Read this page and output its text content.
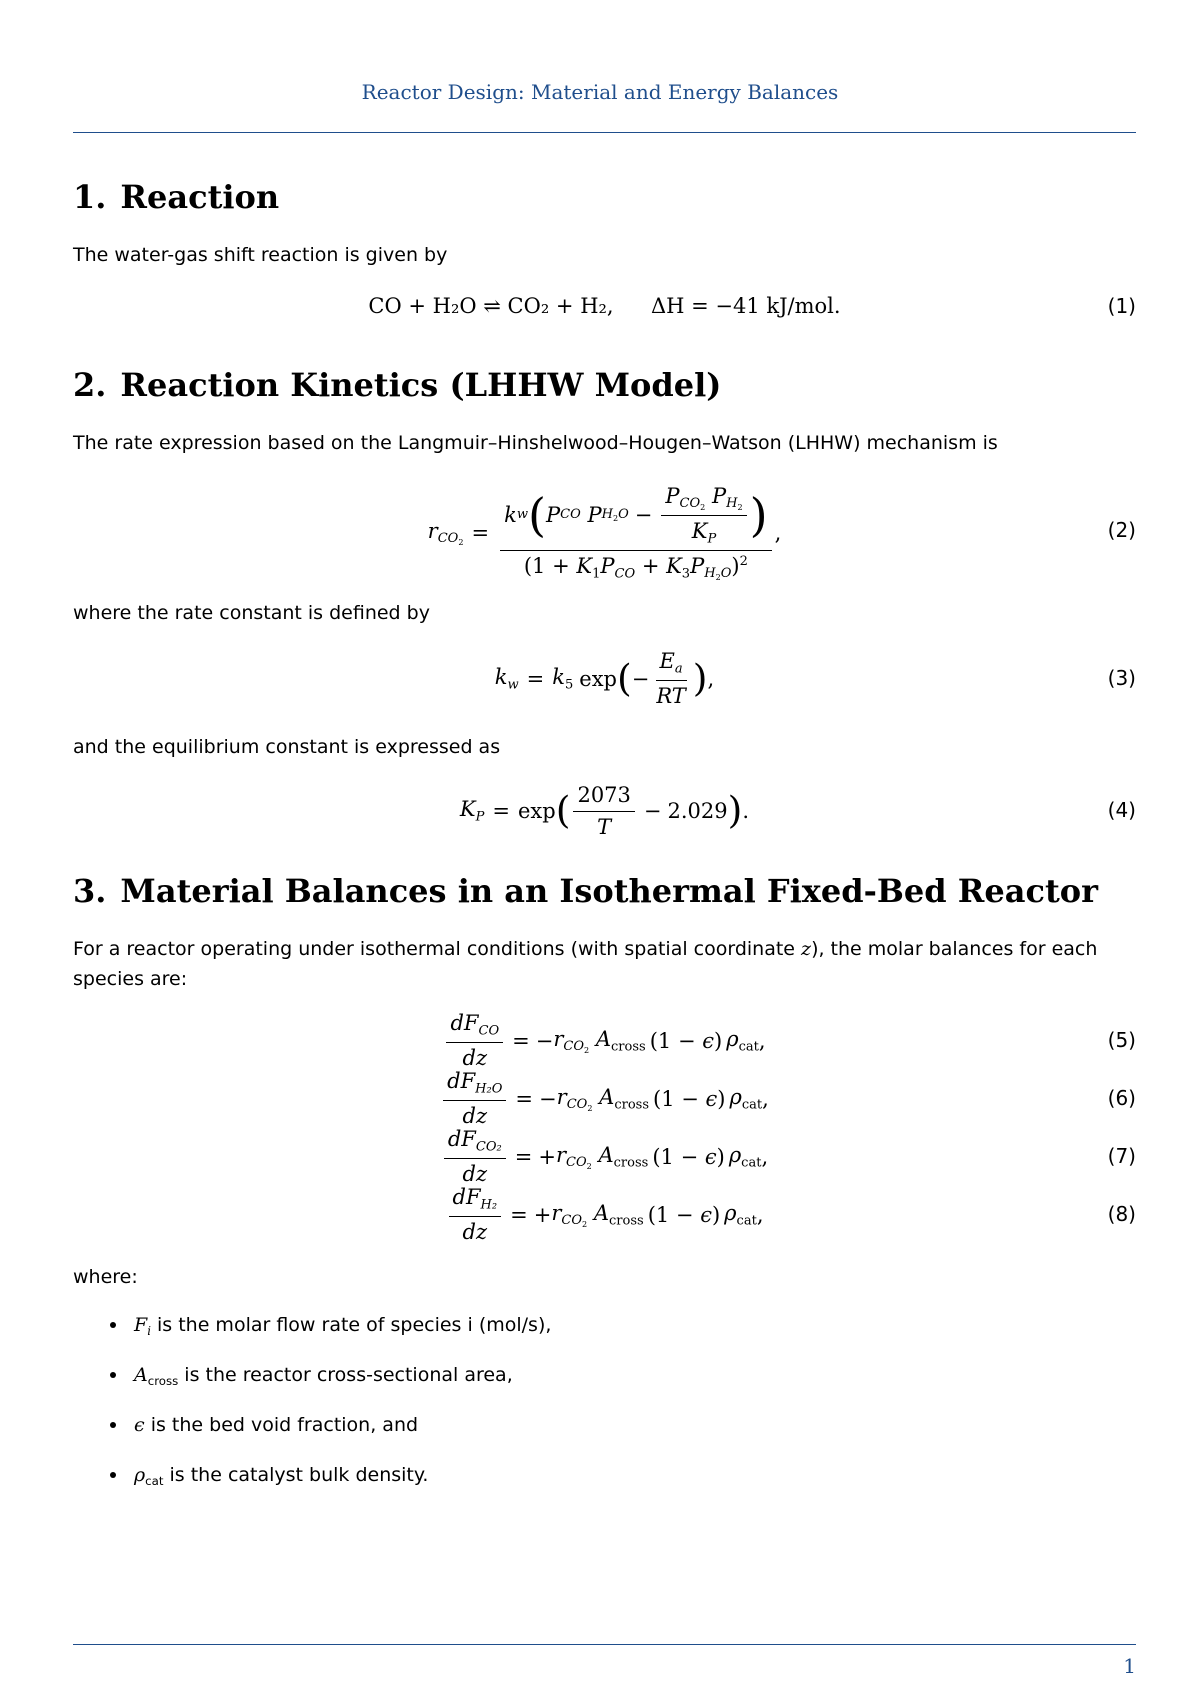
Reactor Design: Material and Energy Balances
1. Reaction

The water-gas shift reaction is given by

CO + H₂O ⇌ CO₂ + H₂, ΔH = −41 kJ/mol.	(1)
2. Reaction Kinetics (LHHW Model)

The rate expression based on the Langmuir–Hinshelwood–Hougen–Watson (LHHW) mechanism is

$r_{CO_2}$ =
k w ( P CO P $H_2O - \frac{P_{CO_2} P_{H_2}}{K_P}$ )
$(1 + K_1P_{CO} + K_3P_{H_2O})^2$
,	(2)

where the rate constant is defined by

$k_w = k_5$ exp ( − $\frac{E_a}{RT}$ ) ,	(3)

and the equilibrium constant is expressed as

$K_P = \exp$ ( $\frac{2073}{T} - 2.029$ ) .	(4)
3. Material Balances in an Isothermal Fixed-Bed Reactor

For a reactor operating under isothermal conditions (with spatial coordinate z), the molar balances for each species are:

$\frac{dF_{CO}}{dz}$ = − $r_{CO_2}$ $A_{cross}$ (1 − ϵ) $\rho_{cat}$ ,	(5)
$\frac{dF_{H_2O}}{dz}$ = − $r_{CO_2}$ $A_{cross}$ (1 − ϵ) $\rho_{cat}$ ,	(6)
$\frac{dF_{CO_2}}{dz}$ = + $r_{CO_2}$ $A_{cross}$ (1 − ϵ) $\rho_{cat}$ ,	(7)
$\frac{dF_{H_2}}{dz}$ = + $r_{CO_2}$ $A_{cross}$ (1 − ϵ) $\rho_{cat}$ ,	(8)

where:

$F_i$ is the molar flow rate of species i (mol/s),
$A_{cross}$ is the reactor cross-sectional area,
ϵ is the bed void fraction, and
$\rho_{cat}$ is the catalyst bulk density.
1
